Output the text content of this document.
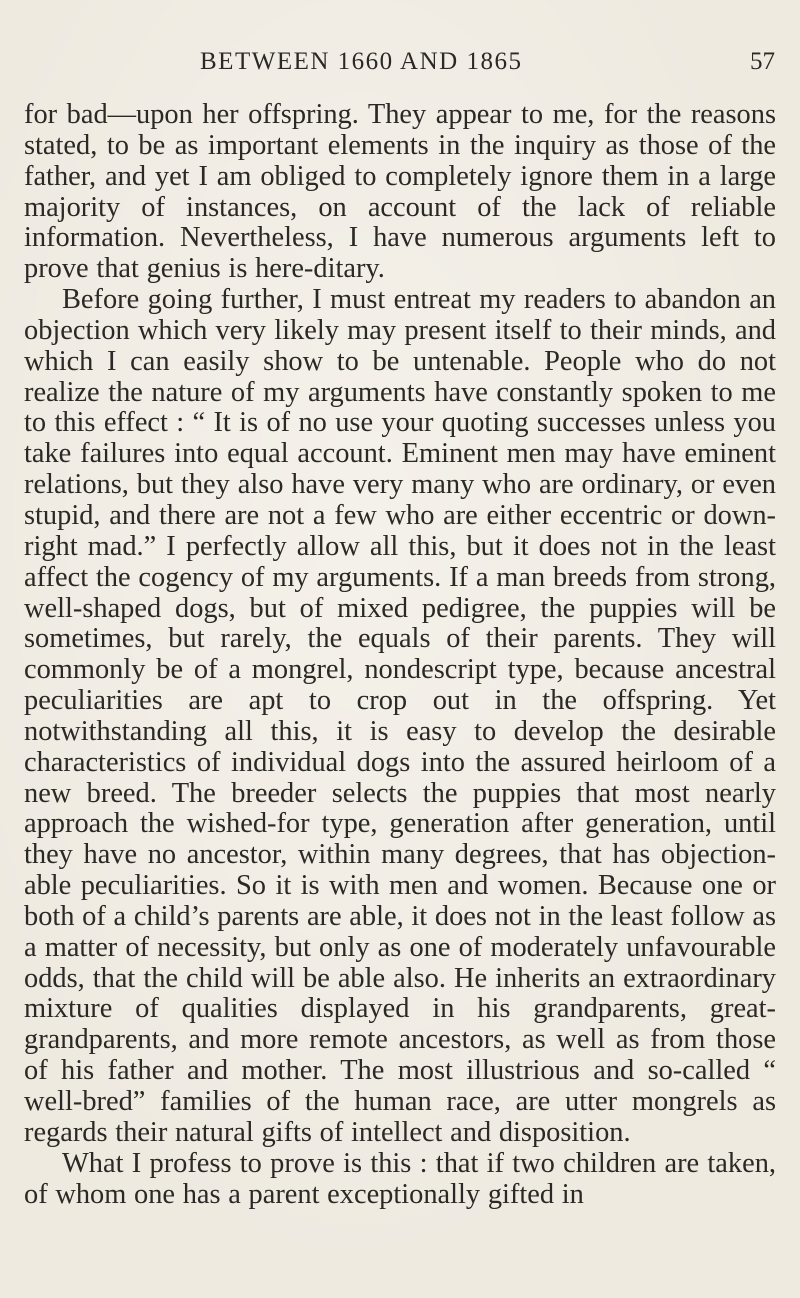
BETWEEN 1660 AND 1865	57

for bad—upon her offspring. They appear to me, for the reasons stated, to be as important elements in the inquiry as those of the father, and yet I am obliged to completely ignore them in a large majority of instances, on account of the lack of reliable information. Nevertheless, I have numerous arguments left to prove that genius is here-ditary.

Before going further, I must entreat my readers to abandon an objection which very likely may present itself to their minds, and which I can easily show to be untenable. People who do not realize the nature of my arguments have constantly spoken to me to this effect : “ It is of no use your quoting successes unless you take failures into equal account. Eminent men may have eminent relations, but they also have very many who are ordinary, or even stupid, and there are not a few who are either eccentric or down-right mad.” I perfectly allow all this, but it does not in the least affect the cogency of my arguments. If a man breeds from strong, well-shaped dogs, but of mixed pedigree, the puppies will be sometimes, but rarely, the equals of their parents. They will commonly be of a mongrel, nondescript type, because ancestral peculiarities are apt to crop out in the offspring. Yet notwithstanding all this, it is easy to develop the desirable characteristics of individual dogs into the assured heirloom of a new breed. The breeder selects the puppies that most nearly approach the wished-for type, generation after generation, until they have no ancestor, within many degrees, that has objection-able peculiarities. So it is with men and women. Because one or both of a child’s parents are able, it does not in the least follow as a matter of necessity, but only as one of moderately unfavourable odds, that the child will be able also. He inherits an extraordinary mixture of qualities displayed in his grandparents, great-grandparents, and more remote ancestors, as well as from those of his father and mother. The most illustrious and so-called “ well-bred” families of the human race, are utter mongrels as regards their natural gifts of intellect and disposition.

What I profess to prove is this : that if two children are taken, of whom one has a parent exceptionally gifted in
